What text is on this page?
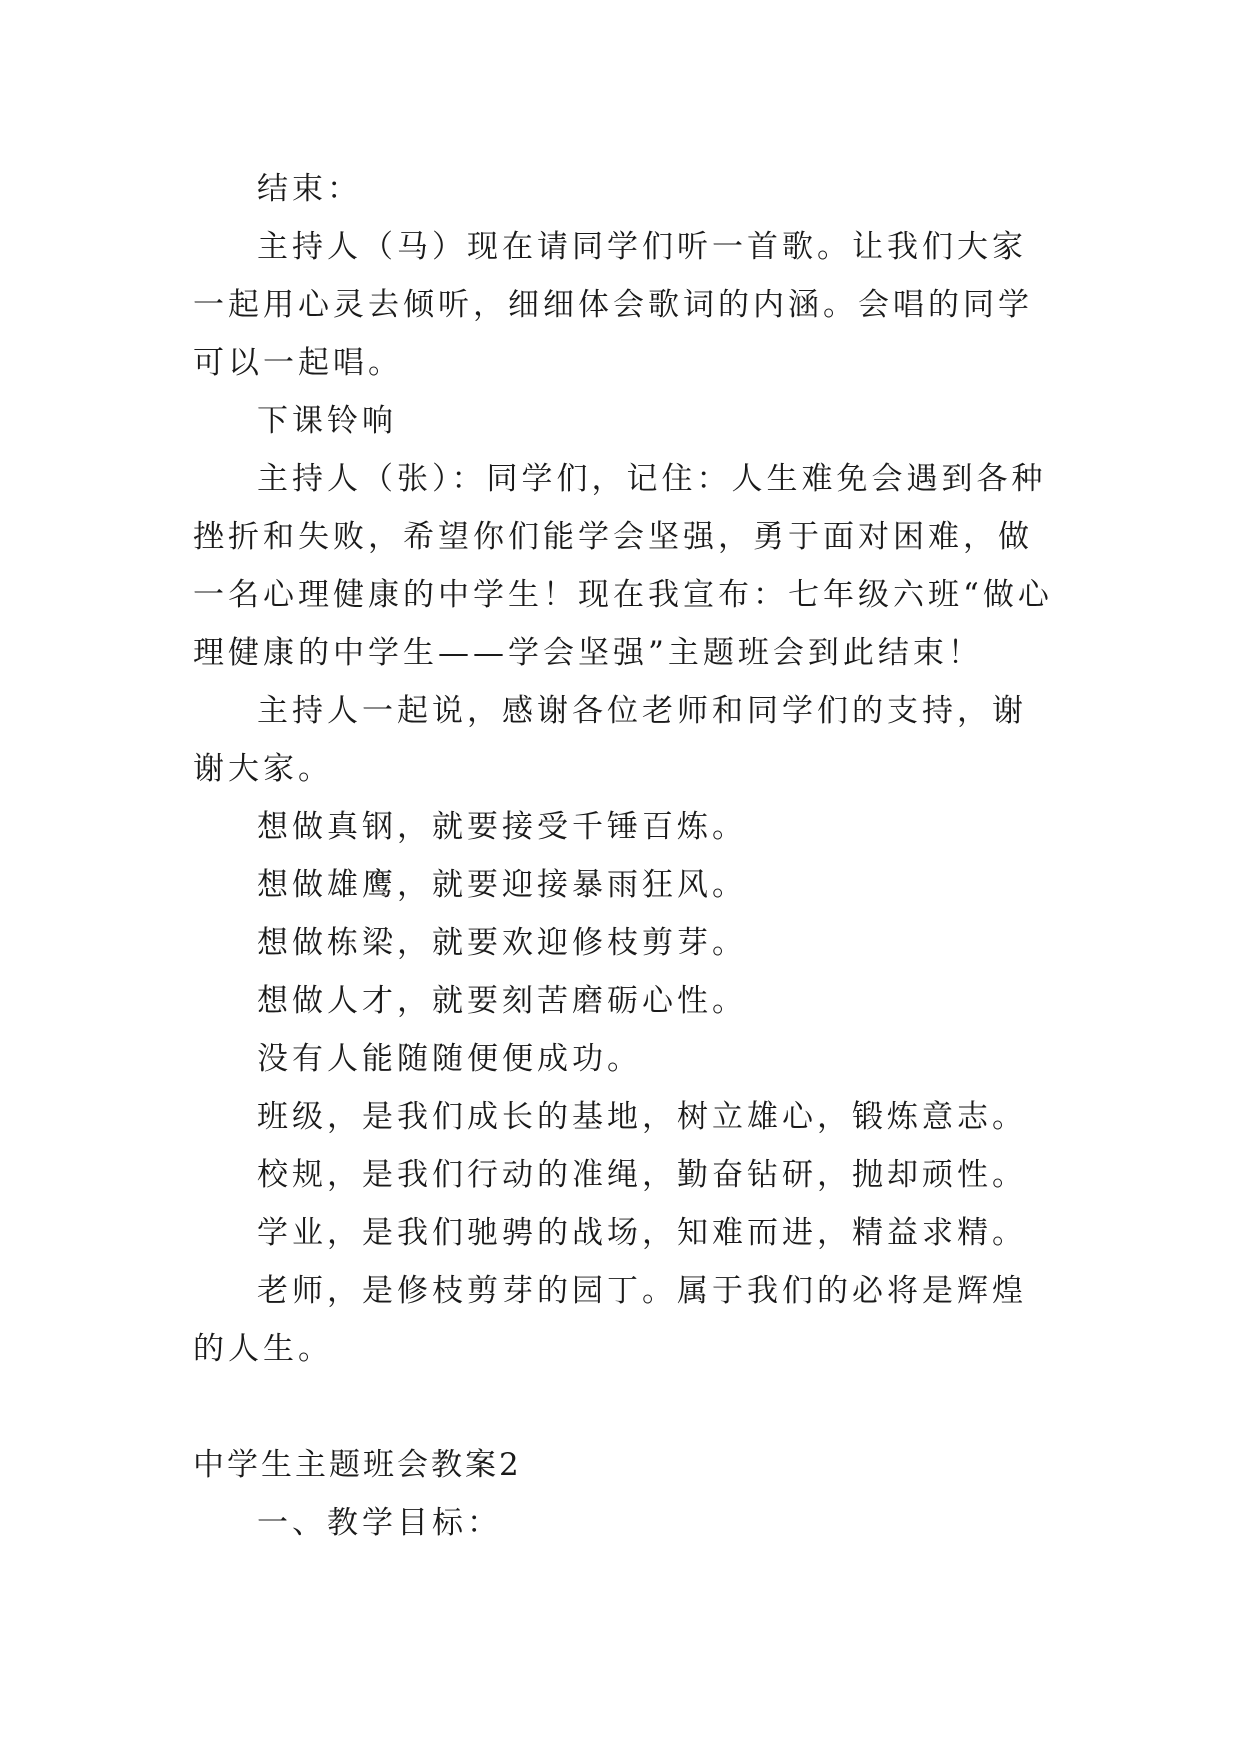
结束：

主持人（马）现在请同学们听一首歌。让我们大家一起用心灵去倾听，细细体会歌词的内涵。会唱的同学可以一起唱。

下课铃响

主持人（张）：同学们，记住：人生难免会遇到各种挫折和失败，希望你们能学会坚强，勇于面对困难，做一名心理健康的中学生！现在我宣布：七年级六班“做心理健康的中学生——学会坚强”主题班会到此结束！

主持人一起说，感谢各位老师和同学们的支持，谢谢大家。

想做真钢，就要接受千锤百炼。

想做雄鹰，就要迎接暴雨狂风。

想做栋梁，就要欢迎修枝剪芽。

想做人才，就要刻苦磨砺心性。

没有人能随随便便成功。

班级，是我们成长的基地，树立雄心，锻炼意志。

校规，是我们行动的准绳，勤奋钻研，抛却顽性。

学业，是我们驰骋的战场，知难而进，精益求精。

老师，是修枝剪芽的园丁。属于我们的必将是辉煌的人生。

中学生主题班会教案2

一、教学目标：
